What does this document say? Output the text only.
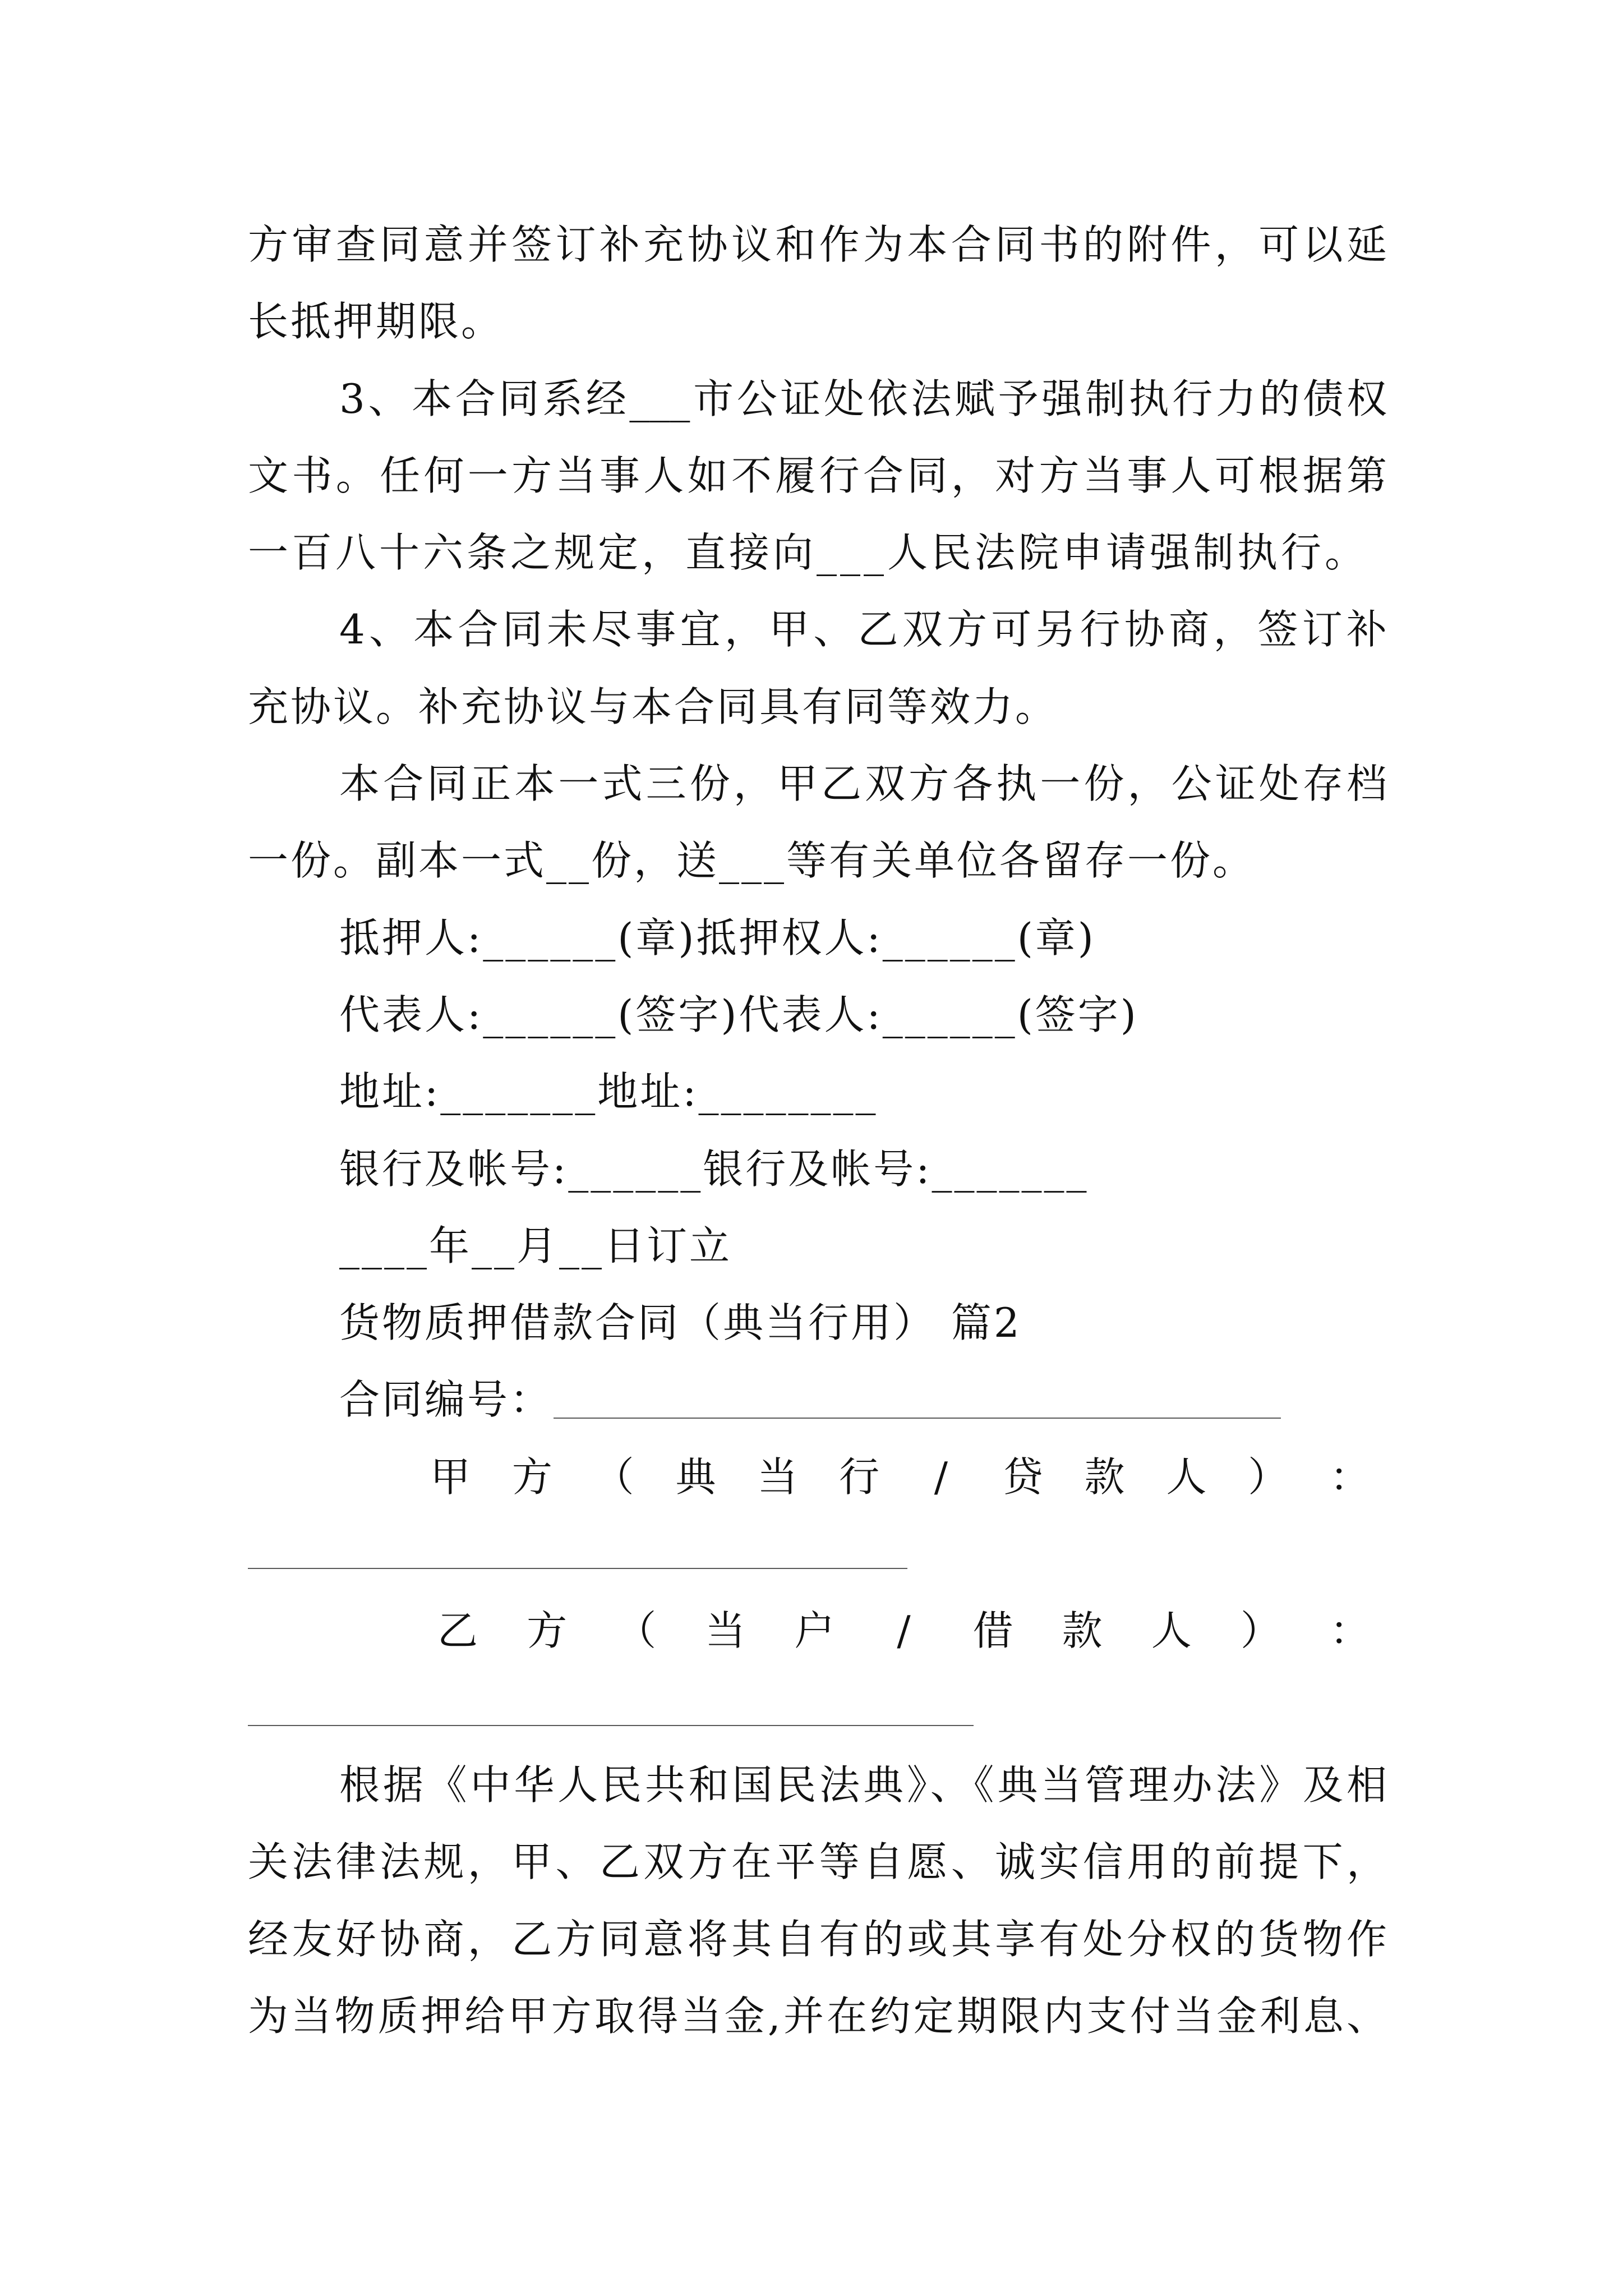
方审查同意并签订补充协议和作为本合同书的附件，可以延
长抵押期限。
3、本合同系经___市公证处依法赋予强制执行力的债权
文书。任何一方当事人如不履行合同，对方当事人可根据第
一百八十六条之规定，直接向___人民法院申请强制执行。
4、本合同未尽事宜，甲、乙双方可另行协商，签订补
充协议。补充协议与本合同具有同等效力。
本合同正本一式三份，甲乙双方各执一份，公证处存档
一份。副本一式__份，送___等有关单位各留存一份。
抵押人:______(章)抵押权人:______(章)
代表人:______(签字)代表人:______(签字)
地址:_______地址:________
银行及帐号:______银行及帐号:_______
____年__月__日订立
货物质押借款合同（典当行用） 篇2
合同编号：
甲 方 （ 典 当 行	/	贷 款 人 ） ：
乙 方 （ 当 户	/	借 款 人 ） ：
根据《中华人民共和国民法典》、《典当管理办法》及相
关法律法规，甲、乙双方在平等自愿、诚实信用的前提下，
经友好协商，乙方同意将其自有的或其享有处分权的货物作
为当物质押给甲方取得当金,并在约定期限内支付当金利息、
